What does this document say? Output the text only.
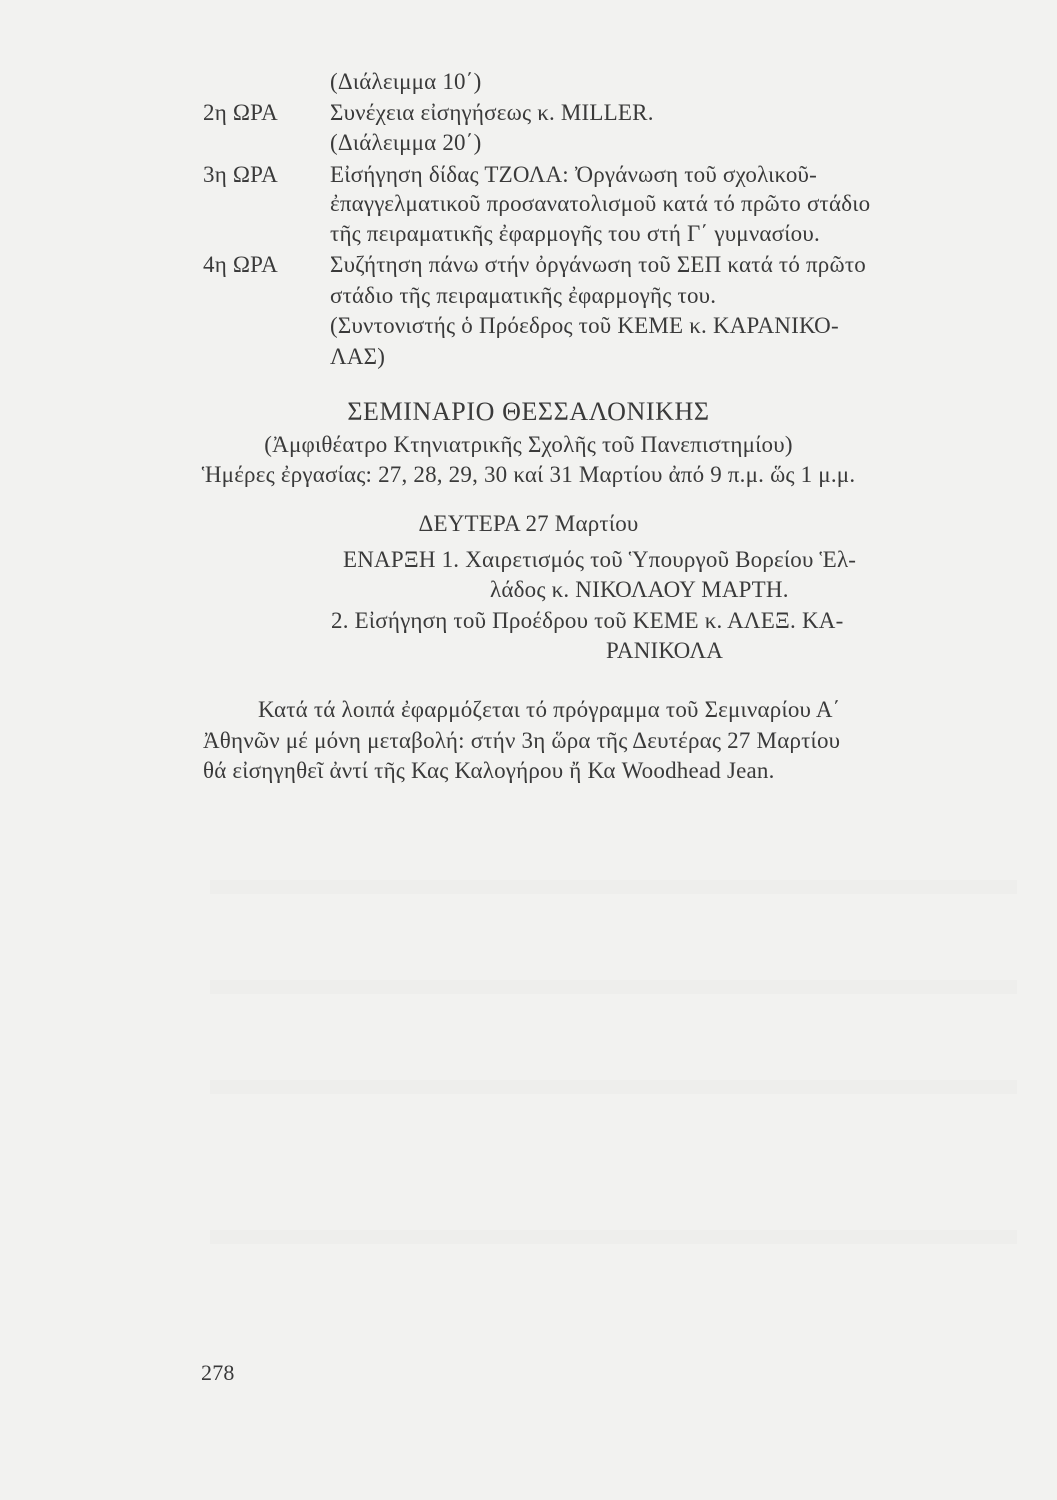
(Διάλειμμα 10΄)
2η ΩΡΑ Συνέχεια εἰσηγήσεως κ. MILLER.
(Διάλειμμα 20΄)
3η ΩΡΑ Εἰσήγηση δίδας ΤΖΟΛΑ: Ὀργάνωση τοῦ σχολικοῦ-
ἐπαγγελματικοῦ προσανατολισμοῦ κατά τό πρῶτο στάδιο
τῆς πειραματικῆς ἐφαρμογῆς του στή Γ΄ γυμνασίου.
4η ΩΡΑ Συζήτηση πάνω στήν ὀργάνωση τοῦ ΣΕΠ κατά τό πρῶτο
στάδιο τῆς πειραματικῆς ἐφαρμογῆς του.
(Συντονιστής ὁ Πρόεδρος τοῦ ΚΕΜΕ κ. ΚΑΡΑΝΙΚΟ-
ΛΑΣ)
ΣΕΜΙΝΑΡΙΟ ΘΕΣΣΑΛΟΝΙΚΗΣ
(Ἀμφιθέατρο Κτηνιατρικῆς Σχολῆς τοῦ Πανεπιστημίου)
Ἡμέρες ἐργασίας: 27, 28, 29, 30 καί 31 Μαρτίου ἀπό 9 π.μ. ὥς 1 μ.μ.
ΔΕΥΤΕΡΑ 27 Μαρτίου
ΕΝΑΡΞΗ 1. Χαιρετισμός τοῦ Ὑπουργοῦ Βορείου Ἑλ-
λάδος κ. ΝΙΚΟΛΑΟΥ ΜΑΡΤΗ.
2. Εἰσήγηση τοῦ Προέδρου τοῦ ΚΕΜΕ κ. ΑΛΕΞ. ΚΑ-
ΡΑΝΙΚΟΛΑ
Κατά τά λοιπά ἐφαρμόζεται τό πρόγραμμα τοῦ Σεμιναρίου Α΄
Ἀθηνῶν μέ μόνη μεταβολή: στήν 3η ὥρα τῆς Δευτέρας 27 Μαρτίου
θά εἰσηγηθεῖ ἀντί τῆς Κας Καλογήρου ἤ Κα Woodhead Jean.
278
